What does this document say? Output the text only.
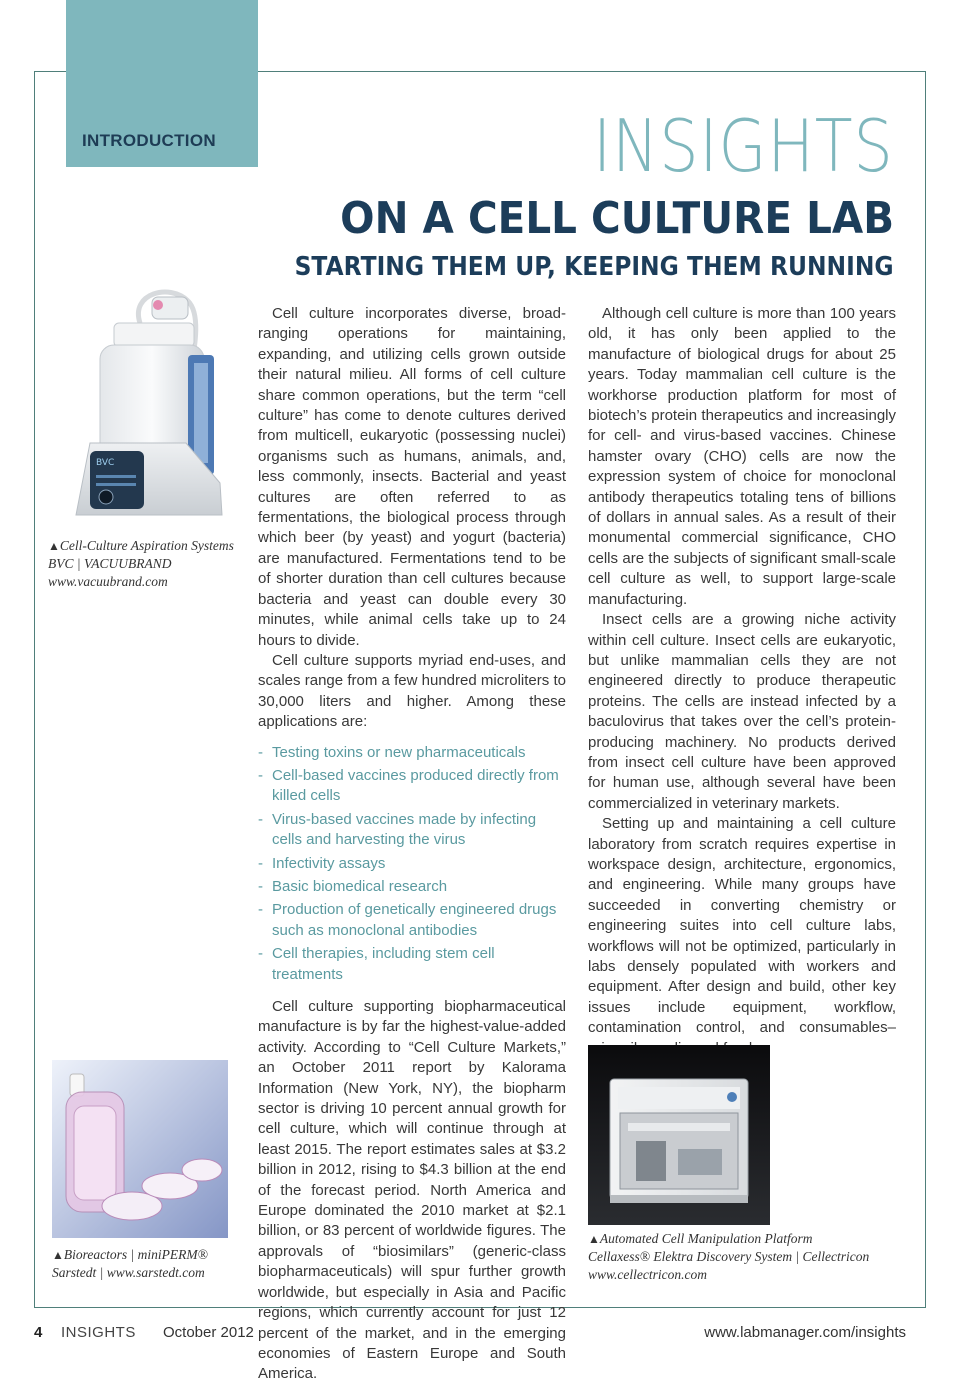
INTRODUCTION	INSIGHTS
ON A CELL CULTURE LAB
STARTING THEM UP, KEEPING THEM RUNNING
BVC
▲Cell-Culture Aspiration Systems
BVC | VACUUBRAND
www.vacuubrand.com
▲Bioreactors | miniPERM®
Sarstedt | www.sarstedt.com

Cell culture incorporates diverse, broad-ranging operations for maintaining, expanding, and utilizing cells grown outside their natural milieu. All forms of cell culture share common operations, but the term “cell culture” has come to denote cultures derived from multicell, eukaryotic (possessing nuclei) organisms such as humans, animals, and, less commonly, insects. Bacterial and yeast cultures are often referred to as fermentations, the biological process through which beer (by yeast) and yogurt (bacteria) are manufactured. Fermentations tend to be of shorter duration than cell cultures because bacteria and yeast can double every 30 minutes, while animal cells take up to 24 hours to divide.

Cell culture supports myriad end-uses, and scales range from a few hundred microliters to 30,000 liters and higher. Among these applications are:

- Testing toxins or new pharmaceuticals
- Cell-based vaccines produced directly from killed cells
- Virus-based vaccines made by infecting cells and harvesting the virus
- Infectivity assays
- Basic biomedical research
- Production of genetically engineered drugs such as monoclonal antibodies
- Cell therapies, including stem cell treatments

Cell culture supporting biopharmaceutical manufacture is by far the highest-value-added activity. According to “Cell Culture Markets,” an October 2011 report by Kalorama Information (New York, NY), the biopharm sector is driving 10 percent annual growth for cell culture, which will continue through at least 2015. The report estimates sales at $3.2 billion in 2012, rising to $4.3 billion at the end of the forecast period. North America and Europe dominated the 2010 market at $2.1 billion, or 83 percent of worldwide figures. The approvals of “biosimilars” (generic-class biopharmaceuticals) will spur further growth worldwide, but especially in Asia and Pacific regions, which currently account for just 12 percent of the market, and in the emerging economies of Eastern Europe and South America.

Although cell culture is more than 100 years old, it has only been applied to the manufacture of biological drugs for about 25 years. Today mammalian cell culture is the workhorse production platform for most of biotech’s protein therapeutics and increasingly for cell- and virus-based vaccines. Chinese hamster ovary (CHO) cells are now the expression system of choice for monoclonal antibody therapeutics totaling tens of billions of dollars in annual sales. As a result of their monumental commercial significance, CHO cells are the subjects of significant small-scale cell culture as well, to support large-scale manufacturing.

Insect cells are a growing niche activity within cell culture. Insect cells are eukaryotic, but unlike mammalian cells they are not engineered directly to produce therapeutic proteins. The cells are instead infected by a baculovirus that takes over the cell’s protein-producing machinery. No products derived from insect cell culture have been approved for human use, although several have been commercialized in veterinary markets.

Setting up and maintaining a cell culture laboratory from scratch requires expertise in workspace design, architecture, ergonomics, and engineering. While many groups have succeeded in converting chemistry or engineering suites into cell culture labs, workflows will not be optimized, particularly in labs densely populated with workers and equipment. After design and build, other key issues include equipment, workflow, contamination control, and consumables–

▲Automated Cell Manipulation Platform
Cellaxess® Elektra Discovery System | Cellectricon
www.cellectricon.com
4 INSIGHTS October 2012	www.labmanager.com/insights
